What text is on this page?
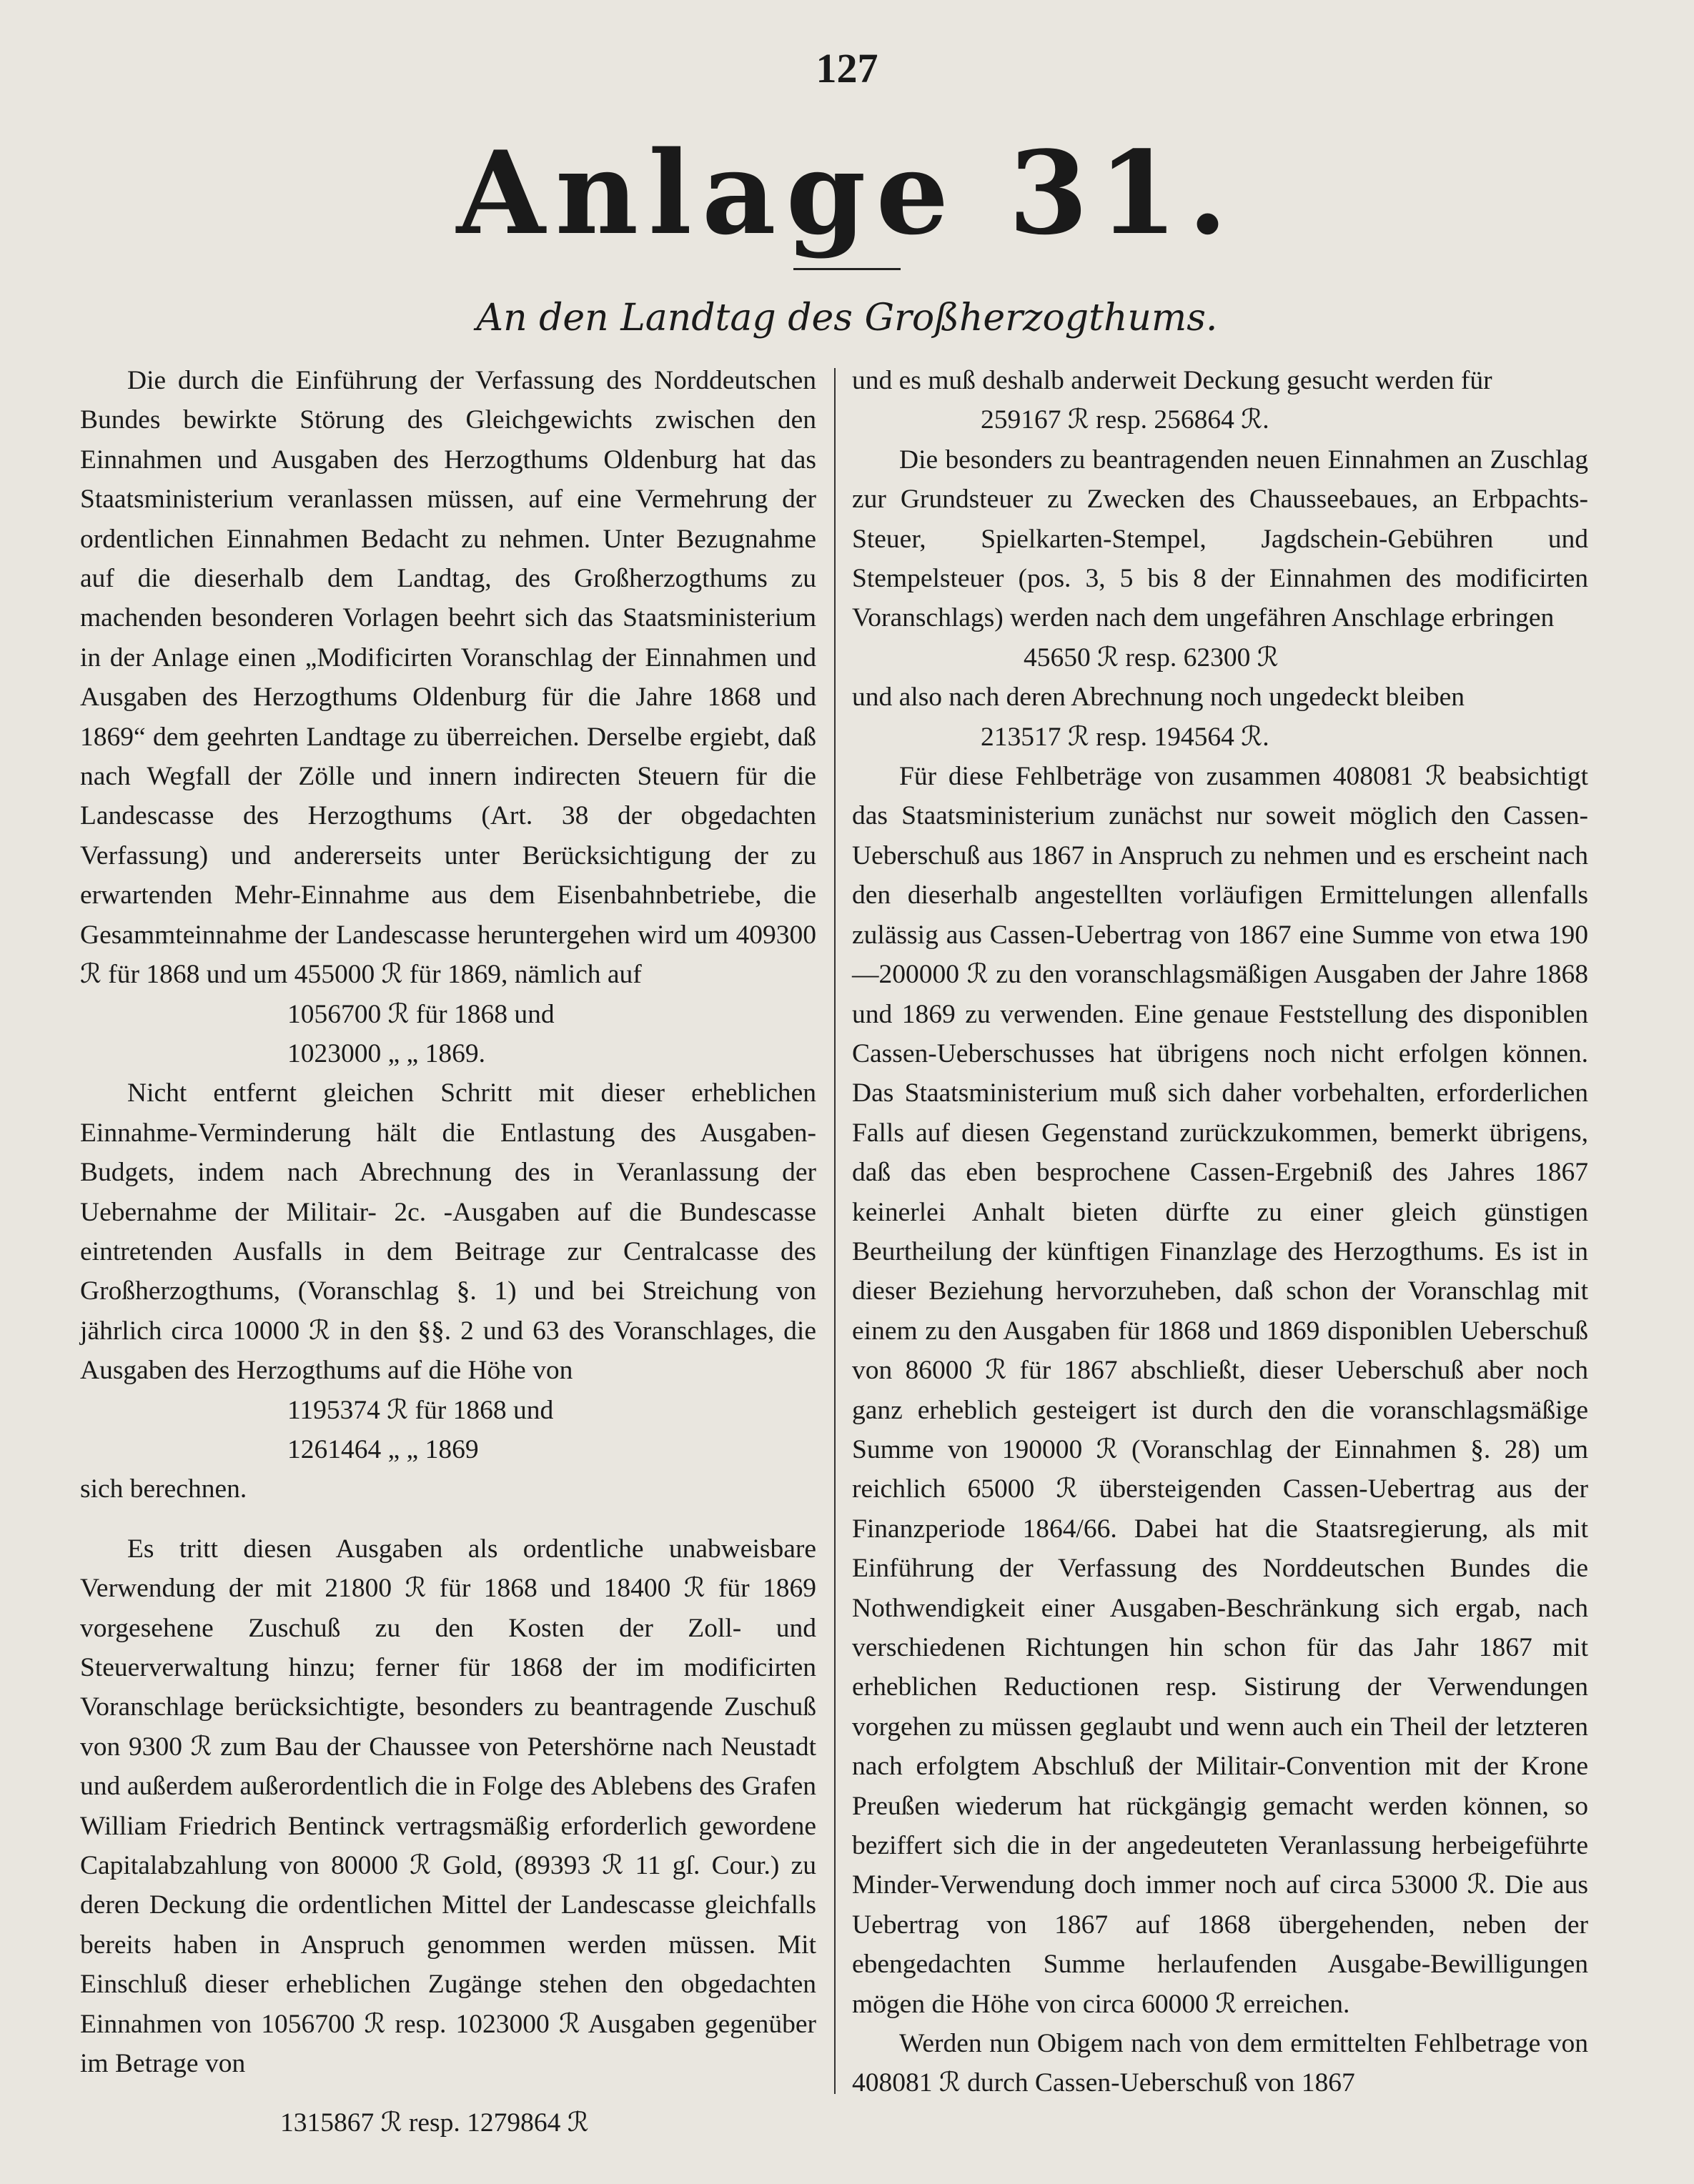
127
Anlage 31.
An den Landtag des Großherzogthums.

Die durch die Einführung der Verfassung des Norddeutschen Bundes bewirkte Störung des Gleichgewichts zwischen den Einnahmen und Ausgaben des Herzogthums Oldenburg hat das Staatsministerium veranlassen müssen, auf eine Vermehrung der ordentlichen Einnahmen Bedacht zu nehmen. Unter Bezugnahme auf die dieserhalb dem Landtag, des Großherzogthums zu machenden besonderen Vorlagen beehrt sich das Staatsministerium in der Anlage einen „Modificirten Voranschlag der Einnahmen und Ausgaben des Herzogthums Oldenburg für die Jahre 1868 und 1869“ dem geehrten Landtage zu überreichen. Derselbe ergiebt, daß nach Wegfall der Zölle und innern indirecten Steuern für die Landescasse des Herzogthums (Art. 38 der obgedachten Verfassung) und andererseits unter Berücksichtigung der zu erwartenden Mehr-Einnahme aus dem Eisenbahnbetriebe, die Gesammteinnahme der Landescasse heruntergehen wird um 409300 ℛ für 1868 und um 455000 ℛ für 1869, nämlich auf

1056700 ℛ für 1868 und

1023000 „ „ 1869.

Nicht entfernt gleichen Schritt mit dieser erheblichen Einnahme-Verminderung hält die Entlastung des Ausgaben-Budgets, indem nach Abrechnung des in Veranlassung der Uebernahme der Militair- 2c. -Ausgaben auf die Bundescasse eintretenden Ausfalls in dem Beitrage zur Centralcasse des Großherzogthums, (Voranschlag §. 1) und bei Streichung von jährlich circa 10000 ℛ in den §§. 2 und 63 des Voranschlages, die Ausgaben des Herzogthums auf die Höhe von

1195374 ℛ für 1868 und

1261464 „ „ 1869

sich berechnen.

Es tritt diesen Ausgaben als ordentliche unabweisbare Verwendung der mit 21800 ℛ für 1868 und 18400 ℛ für 1869 vorgesehene Zuschuß zu den Kosten der Zoll- und Steuerverwaltung hinzu; ferner für 1868 der im modificirten Voranschlage berücksichtigte, besonders zu beantragende Zuschuß von 9300 ℛ zum Bau der Chaussee von Petershörne nach Neustadt und außerdem außerordentlich die in Folge des Ablebens des Grafen William Friedrich Bentinck vertragsmäßig erforderlich gewordene Capitalabzahlung von 80000 ℛ Gold, (89393 ℛ 11 gſ. Cour.) zu deren Deckung die ordentlichen Mittel der Landescasse gleichfalls bereits haben in Anspruch genommen werden müssen. Mit Einschluß dieser erheblichen Zugänge stehen den obgedachten Einnahmen von 1056700 ℛ resp. 1023000 ℛ Ausgaben gegenüber im Betrage von

1315867 ℛ resp. 1279864 ℛ

und es muß deshalb anderweit Deckung gesucht werden für

259167 ℛ resp. 256864 ℛ.

Die besonders zu beantragenden neuen Einnahmen an Zuschlag zur Grundsteuer zu Zwecken des Chausseebaues, an Erbpachts-Steuer, Spielkarten-Stempel, Jagdschein-Gebühren und Stempelsteuer (pos. 3, 5 bis 8 der Einnahmen des modificirten Voranschlags) werden nach dem ungefähren Anschlage erbringen

45650 ℛ resp. 62300 ℛ

und also nach deren Abrechnung noch ungedeckt bleiben

213517 ℛ resp. 194564 ℛ.

Für diese Fehlbeträge von zusammen 408081 ℛ beabsichtigt das Staatsministerium zunächst nur soweit möglich den Cassen-Ueberschuß aus 1867 in Anspruch zu nehmen und es erscheint nach den dieserhalb angestellten vorläufigen Ermittelungen allenfalls zulässig aus Cassen-Uebertrag von 1867 eine Summe von etwa 190—200000 ℛ zu den voranschlagsmäßigen Ausgaben der Jahre 1868 und 1869 zu verwenden. Eine genaue Feststellung des disponiblen Cassen-Ueberschusses hat übrigens noch nicht erfolgen können. Das Staatsministerium muß sich daher vorbehalten, erforderlichen Falls auf diesen Gegenstand zurückzukommen, bemerkt übrigens, daß das eben besprochene Cassen-Ergebniß des Jahres 1867 keinerlei Anhalt bieten dürfte zu einer gleich günstigen Beurtheilung der künftigen Finanzlage des Herzogthums. Es ist in dieser Beziehung hervorzuheben, daß schon der Voranschlag mit einem zu den Ausgaben für 1868 und 1869 disponiblen Ueberschuß von 86000 ℛ für 1867 abschließt, dieser Ueberschuß aber noch ganz erheblich gesteigert ist durch den die voranschlagsmäßige Summe von 190000 ℛ (Voranschlag der Einnahmen §. 28) um reichlich 65000 ℛ übersteigenden Cassen-Uebertrag aus der Finanzperiode 1864/66. Dabei hat die Staatsregierung, als mit Einführung der Verfassung des Norddeutschen Bundes die Nothwendigkeit einer Ausgaben-Beschränkung sich ergab, nach verschiedenen Richtungen hin schon für das Jahr 1867 mit erheblichen Reductionen resp. Sistirung der Verwendungen vorgehen zu müssen geglaubt und wenn auch ein Theil der letzteren nach erfolgtem Abschluß der Militair-Convention mit der Krone Preußen wiederum hat rückgängig gemacht werden können, so beziffert sich die in der angedeuteten Veranlassung herbeigeführte Minder-Verwendung doch immer noch auf circa 53000 ℛ. Die aus Uebertrag von 1867 auf 1868 übergehenden, neben der ebengedachten Summe herlaufenden Ausgabe-Bewilligungen mögen die Höhe von circa 60000 ℛ erreichen.

Werden nun Obigem nach von dem ermittelten Fehlbetrage von 408081 ℛ durch Cassen-Ueberschuß von 1867
